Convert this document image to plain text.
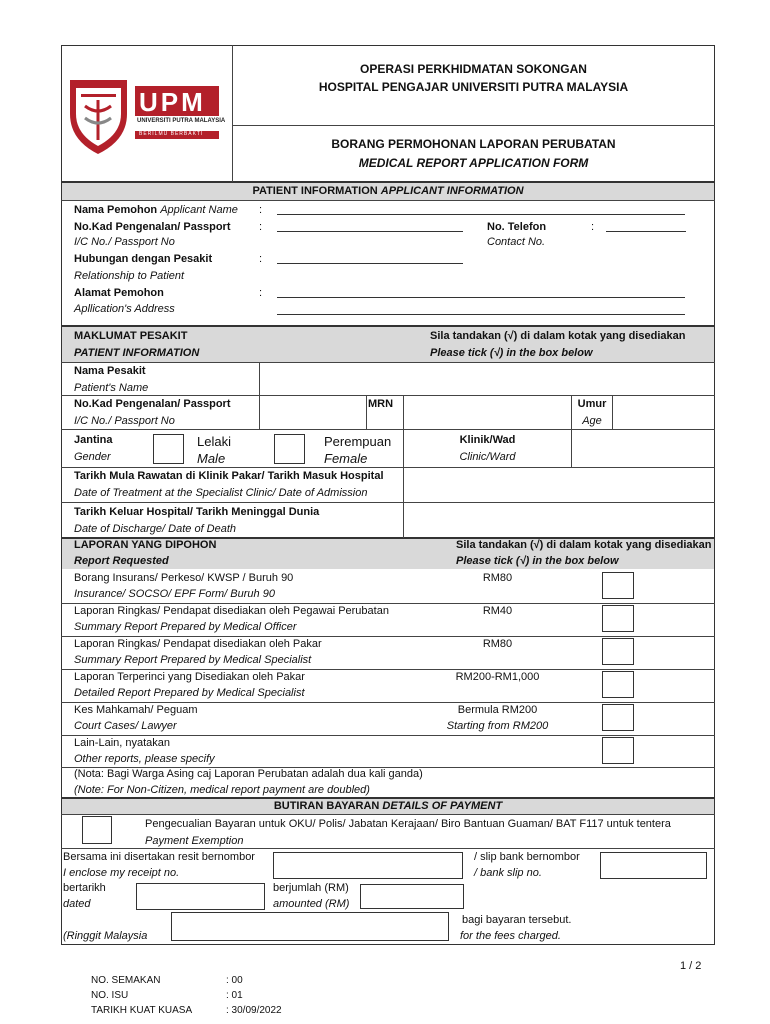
UPM
UNIVERSITI PUTRA MALAYSIA
BERILMU BERBAKTI
OPERASI PERKHIDMATAN SOKONGAN
HOSPITAL PENGAJAR UNIVERSITI PUTRA MALAYSIA
BORANG PERMOHONAN LAPORAN PERUBATAN
MEDICAL REPORT APPLICATION FORM
PATIENT INFORMATION APPLICANT INFORMATION
Nama Pemohon Applicant Name :
No.Kad Pengenalan/ Passport
I/C No./ Passport No
:	No. Telefon
Contact No.
:
Hubungan dengan Pesakit
Relationship to Patient
:
Alamat Pemohon
Apllication's Address
:
MAKLUMAT PESAKIT
PATIENT INFORMATION
Sila tandakan (√) di dalam kotak yang disediakan
Please tick (√) in the box below
Nama Pesakit
Patient's Name
No.Kad Pengenalan/ Passport
I/C No./ Passport No
MRN	Umur
Age
Jantina
Gender
Lelaki
Male
Perempuan
Female
Klinik/Wad
Clinic/Ward
Tarikh Mula Rawatan di Klinik Pakar/ Tarikh Masuk Hospital
Date of Treatment at the Specialist Clinic/ Date of Admission
Tarikh Keluar Hospital/ Tarikh Meninggal Dunia
Date of Discharge/ Date of Death
LAPORAN YANG DIPOHON
Report Requested
Sila tandakan (√) di dalam kotak yang disediakan
Please tick (√) in the box below
Borang Insurans/ Perkeso/ KWSP / Buruh 90
Insurance/ SOCSO/ EPF Form/ Buruh 90
RM80
Laporan Ringkas/ Pendapat disediakan oleh Pegawai Perubatan
Summary Report Prepared by Medical Officer
RM40
Laporan Ringkas/ Pendapat disediakan oleh Pakar
Summary Report Prepared by Medical Specialist
RM80
Laporan Terperinci yang Disediakan oleh Pakar
Detailed Report Prepared by Medical Specialist
RM200-RM1,000
Kes Mahkamah/ Peguam
Court Cases/ Lawyer
Bermula RM200
Starting from RM200
Lain-Lain, nyatakan
Other reports, please specify
(Nota: Bagi Warga Asing caj Laporan Perubatan adalah dua kali ganda)
(Note: For Non-Citizen, medical report payment are doubled)
BUTIRAN BAYARAN DETAILS OF PAYMENT
Pengecualian Bayaran untuk OKU/ Polis/ Jabatan Kerajaan/ Biro Bantuan Guaman/ BAT F117 untuk tentera
Payment Exemption
Bersama ini disertakan resit bernombor
I enclose my receipt no.
/ slip bank bernombor
/ bank slip no.
bertarikh
dated
berjumlah (RM)
amounted (RM)
(Ringgit Malaysia
bagi bayaran tersebut.
for the fees charged.
1 / 2
NO. SEMAKAN	: 00
NO. ISU	: 01
TARIKH KUAT KUASA	: 30/09/2022
